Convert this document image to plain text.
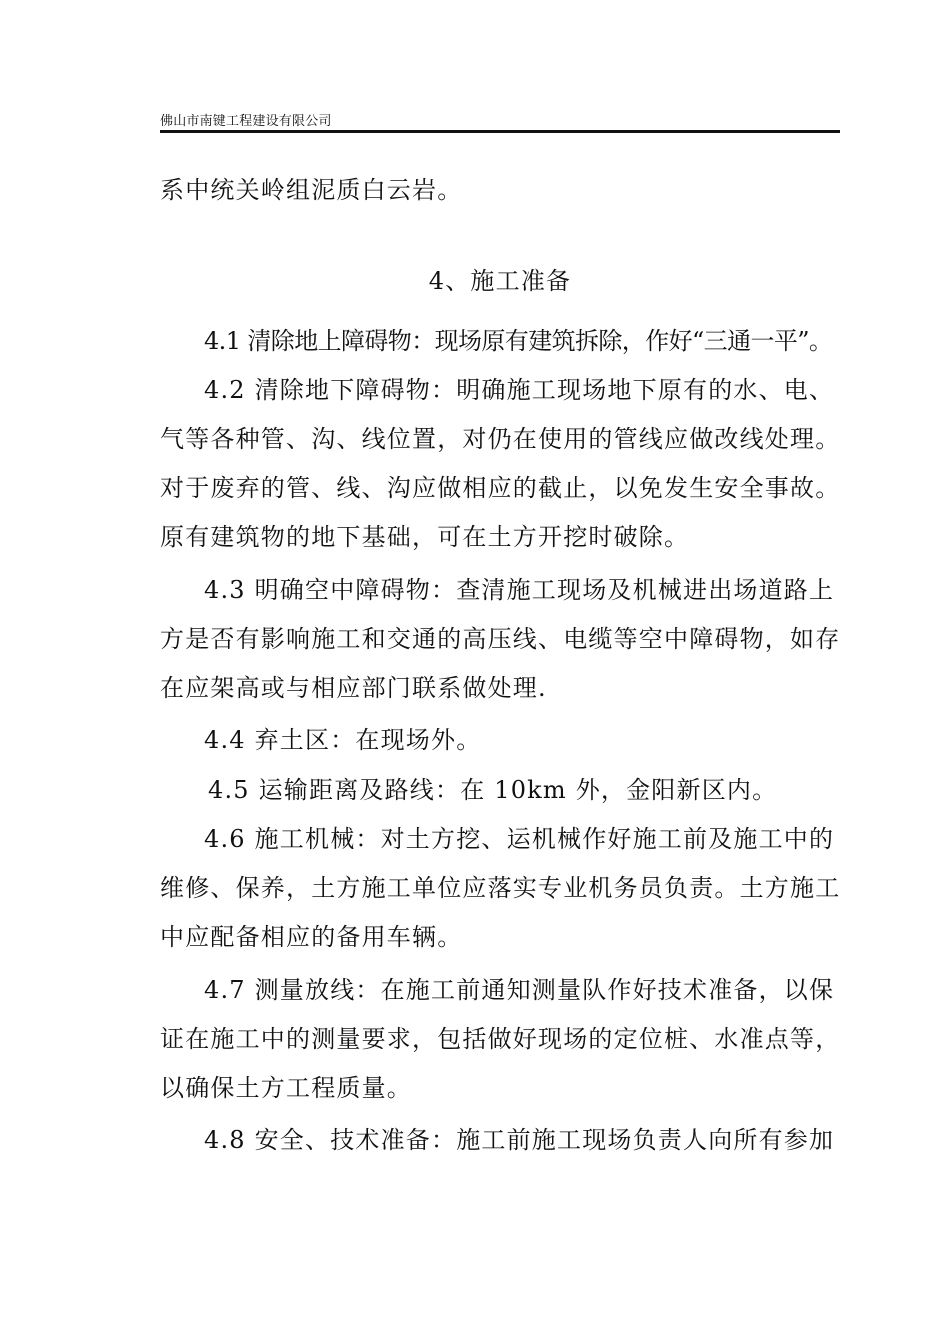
佛山市南键工程建设有限公司
系中统关岭组泥质白云岩。
4、施工准备
4.1 清除地上障碍物：现场原有建筑拆除，作好“三通一平”。
4.2 清除地下障碍物：明确施工现场地下原有的水、电、
气等各种管、沟、线位置，对仍在使用的管线应做改线处理。
对于废弃的管、线、沟应做相应的截止，以免发生安全事故。
原有建筑物的地下基础，可在土方开挖时破除。
4.3 明确空中障碍物：查清施工现场及机械进出场道路上
方是否有影响施工和交通的高压线、电缆等空中障碍物，如存
在应架高或与相应部门联系做处理.
4.4 弃土区：在现场外。
4.5 运输距离及路线：在 10km 外，金阳新区内。
4.6 施工机械：对土方挖、运机械作好施工前及施工中的
维修、保养，土方施工单位应落实专业机务员负责。土方施工
中应配备相应的备用车辆。
4.7 测量放线：在施工前通知测量队作好技术准备，以保
证在施工中的测量要求，包括做好现场的定位桩、水准点等，
以确保土方工程质量。
4.8 安全、技术准备：施工前施工现场负责人向所有参加
